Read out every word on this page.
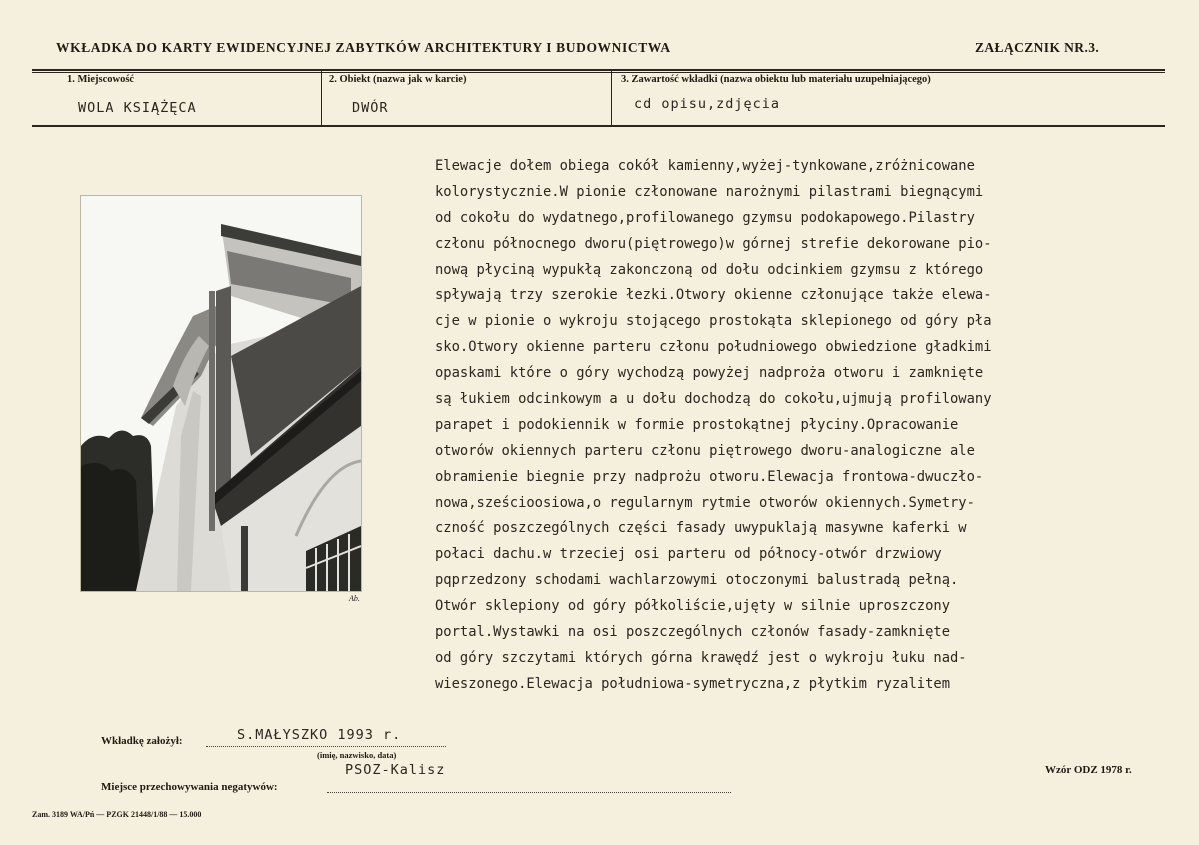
WKŁADKA DO KARTY EWIDENCYJNEJ ZABYTKÓW ARCHITEKTURY I BUDOWNICTWA	ZAŁĄCZNIK NR.3.
1. Miejscowość
WOLA KSIĄŻĘCA
2. Obiekt (nazwa jak w karcie)
DWÓR
3. Zawartość wkładki (nazwa obiektu lub materiału uzupełniającego)
cd opisu,zdjęcia
Ab.
Elewacje dołem obiega cokół kamienny,wyżej-tynkowane,zróżnicowane
kolorystycznie.W pionie członowane narożnymi pilastrami biegnącymi
od cokołu do wydatnego,profilowanego gzymsu podokapowego.Pilastry
członu północnego dworu(piętrowego)w górnej strefie dekorowane pio-
nową płyciną wypukłą zakonczoną od dołu odcinkiem gzymsu z którego
spływają trzy szerokie łezki.Otwory okienne członujące także elewa-
cje w pionie o wykroju stojącego prostokąta sklepionego od góry pła
sko.Otwory okienne parteru członu południowego obwiedzione gładkimi
opaskami które o góry wychodzą powyżej nadproża otworu i zamknięte
są łukiem odcinkowym a u dołu dochodzą do cokołu,ujmują profilowany
parapet i podokiennik w formie prostokątnej płyciny.Opracowanie
otworów okiennych parteru członu piętrowego dworu-analogiczne ale
obramienie biegnie przy nadprożu otworu.Elewacja frontowa-dwuczło-
nowa,sześcioosiowa,o regularnym rytmie otworów okiennych.Symetry-
czność poszczególnych części fasady uwypuklają masywne kaferki w
połaci dachu.w trzeciej osi parteru od północy-otwór drzwiowy
pqprzedzony schodami wachlarzowymi otoczonymi balustradą pełną.
Otwór sklepiony od góry półkoliście,ujęty w silnie uproszczony
portal.Wystawki na osi poszczególnych członów fasady-zamknięte
od góry szczytami których górna krawędź jest o wykroju łuku nad-
wieszonego.Elewacja południowa-symetryczna,z płytkim ryzalitem
Wkładkę założył:	S.MAŁYSZKO 1993 r.
(imię, nazwisko, data)
PSOZ-Kalisz
Miejsce przechowywania negatywów:
Wzór ODZ 1978 r.
Zam. 3189 WA/Pń — PZGK 21448/1/88 — 15.000
